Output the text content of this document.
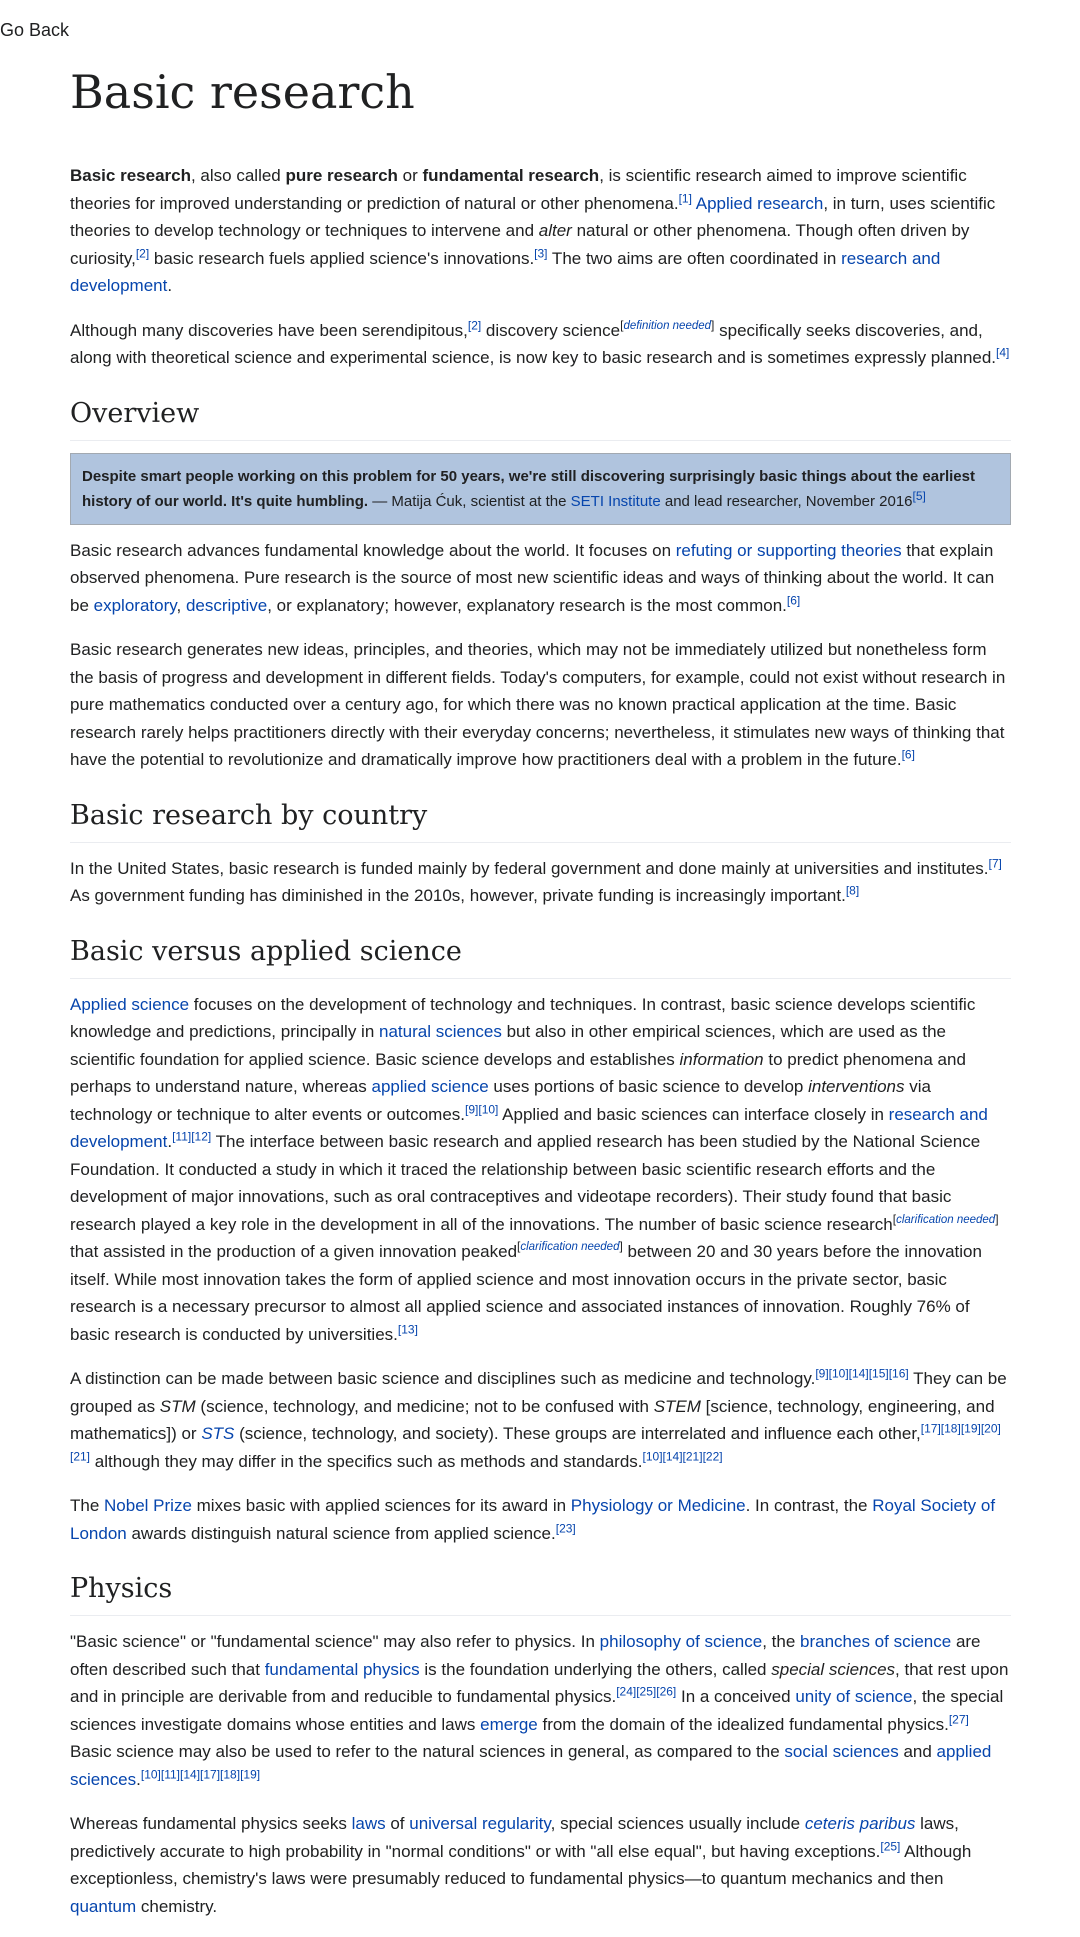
Go Back
Basic research

Basic research, also called pure research or fundamental research, is scientific research aimed to improve scientific theories for improved understanding or prediction of natural or other phenomena.[1] Applied research, in turn, uses scientific theories to develop technology or techniques to intervene and alter natural or other phenomena. Though often driven by curiosity,[2] basic research fuels applied science's innovations.[3] The two aims are often coordinated in research and development.

Although many discoveries have been serendipitous,[2] discovery science[definition needed] specifically seeks discoveries, and, along with theoretical science and experimental science, is now key to basic research and is sometimes expressly planned.[4]

Overview
Despite smart people working on this problem for 50 years, we're still discovering surprisingly basic things about the earliest history of our world. It's quite humbling. — Matija Ćuk, scientist at the SETI Institute and lead researcher, November 2016[5]

Basic research advances fundamental knowledge about the world. It focuses on refuting or supporting theories that explain observed phenomena. Pure research is the source of most new scientific ideas and ways of thinking about the world. It can be exploratory, descriptive, or explanatory; however, explanatory research is the most common.[6]

Basic research generates new ideas, principles, and theories, which may not be immediately utilized but nonetheless form the basis of progress and development in different fields. Today's computers, for example, could not exist without research in pure mathematics conducted over a century ago, for which there was no known practical application at the time. Basic research rarely helps practitioners directly with their everyday concerns; nevertheless, it stimulates new ways of thinking that have the potential to revolutionize and dramatically improve how practitioners deal with a problem in the future.[6]

Basic research by country

In the United States, basic research is funded mainly by federal government and done mainly at universities and institutes.[7] As government funding has diminished in the 2010s, however, private funding is increasingly important.[8]

Basic versus applied science

Applied science focuses on the development of technology and techniques. In contrast, basic science develops scientific knowledge and predictions, principally in natural sciences but also in other empirical sciences, which are used as the scientific foundation for applied science. Basic science develops and establishes information to predict phenomena and perhaps to understand nature, whereas applied science uses portions of basic science to develop interventions via technology or technique to alter events or outcomes.[9][10] Applied and basic sciences can interface closely in research and development.[11][12] The interface between basic research and applied research has been studied by the National Science Foundation. It conducted a study in which it traced the relationship between basic scientific research efforts and the development of major innovations, such as oral contraceptives and videotape recorders). Their study found that basic research played a key role in the development in all of the innovations. The number of basic science research[clarification needed] that assisted in the production of a given innovation peaked[clarification needed] between 20 and 30 years before the innovation itself. While most innovation takes the form of applied science and most innovation occurs in the private sector, basic research is a necessary precursor to almost all applied science and associated instances of innovation. Roughly 76% of basic research is conducted by universities.[13]

A distinction can be made between basic science and disciplines such as medicine and technology.[9][10][14][15][16] They can be grouped as STM (science, technology, and medicine; not to be confused with STEM [science, technology, engineering, and mathematics]) or STS (science, technology, and society). These groups are interrelated and influence each other,[17][18][19][20][21] although they may differ in the specifics such as methods and standards.[10][14][21][22]

The Nobel Prize mixes basic with applied sciences for its award in Physiology or Medicine. In contrast, the Royal Society of London awards distinguish natural science from applied science.[23]

Physics

"Basic science" or "fundamental science" may also refer to physics. In philosophy of science, the branches of science are often described such that fundamental physics is the foundation underlying the others, called special sciences, that rest upon and in principle are derivable from and reducible to fundamental physics.[24][25][26] In a conceived unity of science, the special sciences investigate domains whose entities and laws emerge from the domain of the idealized fundamental physics.[27] Basic science may also be used to refer to the natural sciences in general, as compared to the social sciences and applied sciences.[10][11][14][17][18][19]

Whereas fundamental physics seeks laws of universal regularity, special sciences usually include ceteris paribus laws, predictively accurate to high probability in "normal conditions" or with "all else equal", but having exceptions.[25] Although exceptionless, chemistry's laws were presumably reduced to fundamental physics—to quantum mechanics and then quantum chemistry.
